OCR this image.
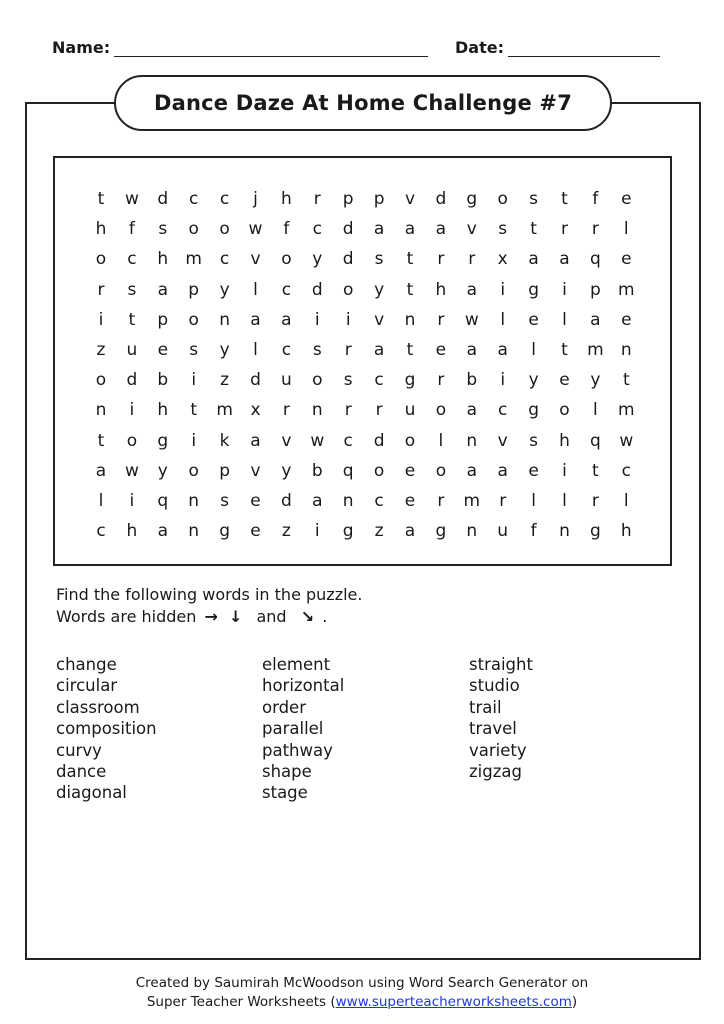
Name:	Date:
Dance Daze At Home Challenge #7
t	w	d	c	c	j	h	r	p	p	v	d	g	o	s	t	f	e
h	f	s	o	o	w	f	c	d	a	a	a	v	s	t	r	r	l
o	c	h	m	c	v	o	y	d	s	t	r	r	x	a	a	q	e
r	s	a	p	y	l	c	d	o	y	t	h	a	i	g	i	p	m
i	t	p	o	n	a	a	i	i	v	n	r	w	l	e	l	a	e
z	u	e	s	y	l	c	s	r	a	t	e	a	a	l	t	m	n
o	d	b	i	z	d	u	o	s	c	g	r	b	i	y	e	y	t
n	i	h	t	m	x	r	n	r	r	u	o	a	c	g	o	l	m
t	o	g	i	k	a	v	w	c	d	o	l	n	v	s	h	q	w
a	w	y	o	p	v	y	b	q	o	e	o	a	a	e	i	t	c
l	i	q	n	s	e	d	a	n	c	e	r	m	r	l	l	r	l
c	h	a	n	g	e	z	i	g	z	a	g	n	u	f	n	g	h
Find the following words in the puzzle.
Words are hidden → ↓ and ↘ .
change
circular
classroom
composition
curvy
dance
diagonal
element
horizontal
order
parallel
pathway
shape
stage
straight
studio
trail
travel
variety
zigzag
Created by Saumirah McWoodson using Word Search Generator on
Super Teacher Worksheets (www.superteacherworksheets.com)
